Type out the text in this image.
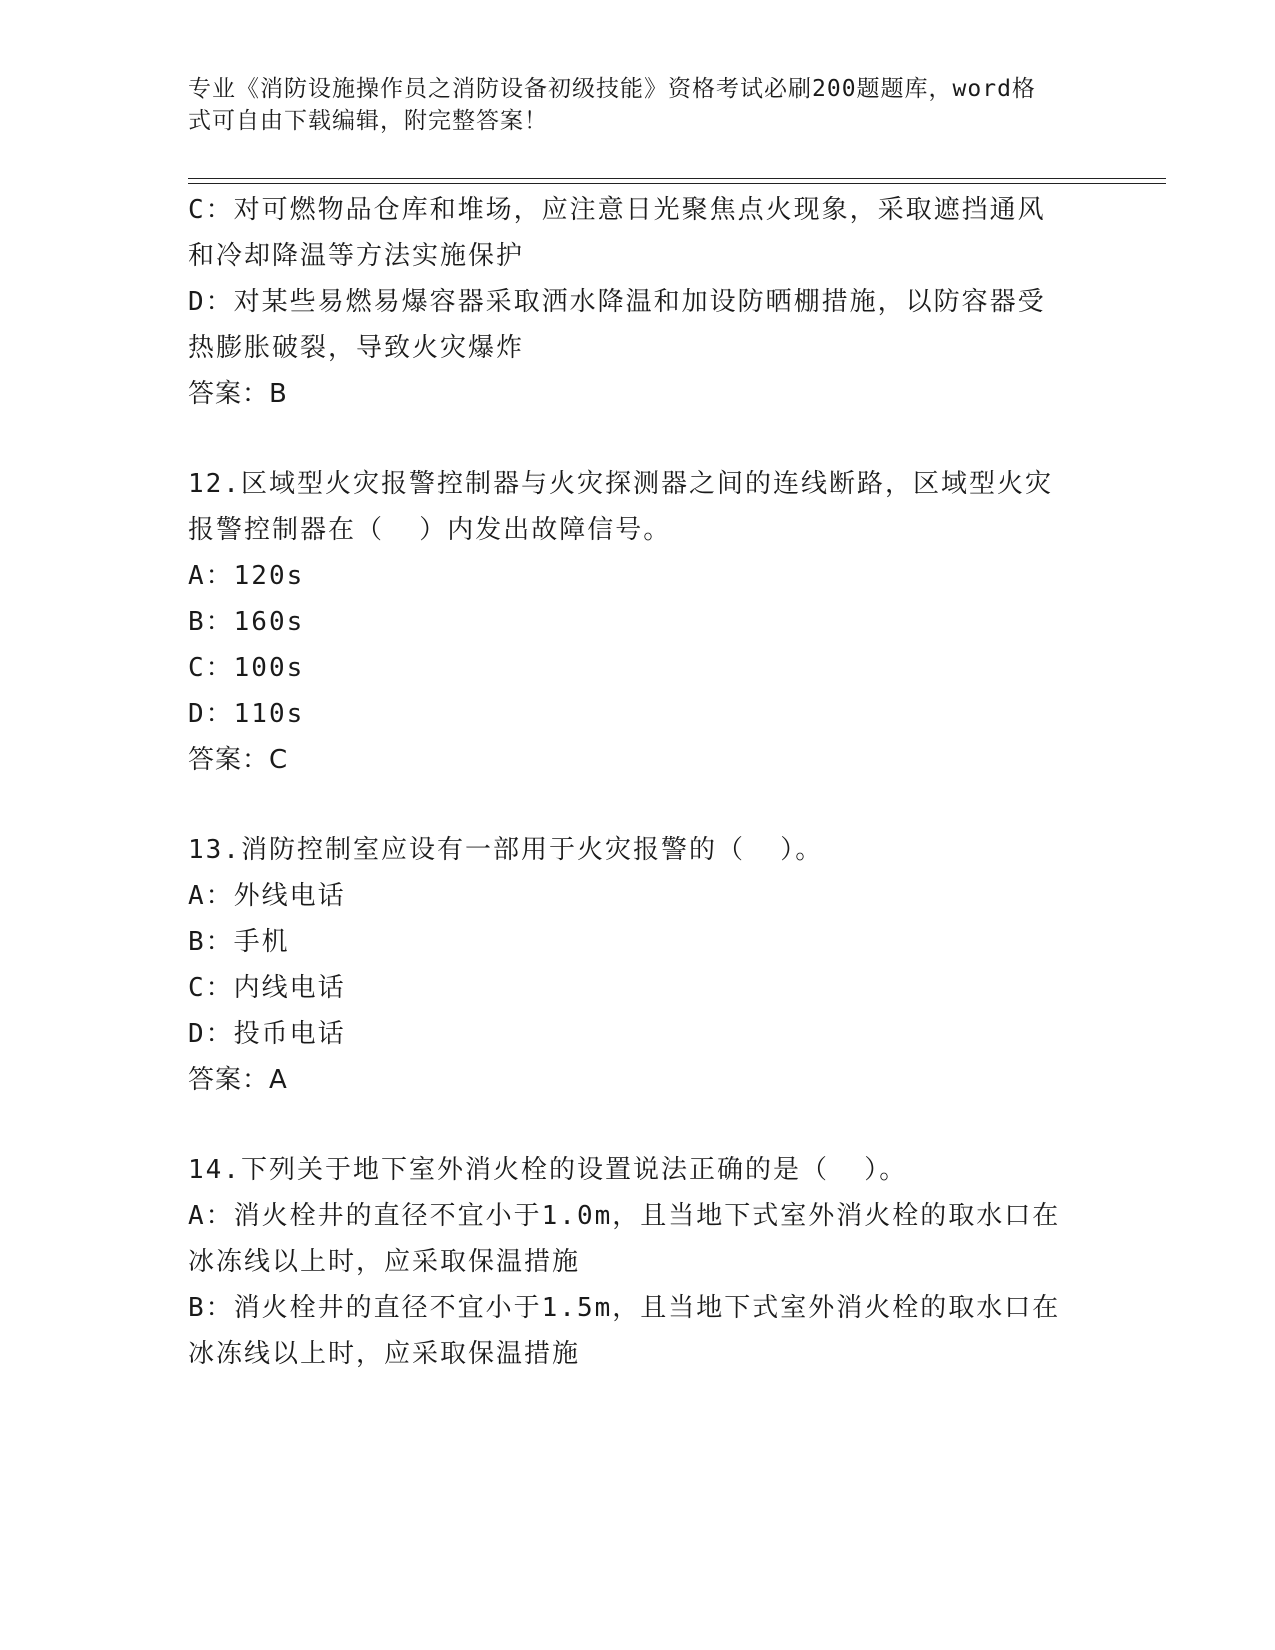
专业《消防设施操作员之消防设备初级技能》资格考试必刷200题题库，word格
式可自由下载编辑，附完整答案！
C：对可燃物品仓库和堆场，应注意日光聚焦点火现象，采取遮挡通风
和冷却降温等方法实施保护
D：对某些易燃易爆容器采取洒水降温和加设防晒棚措施，以防容器受
热膨胀破裂，导致火灾爆炸
答案：B
12.区域型火灾报警控制器与火灾探测器之间的连线断路，区域型火灾
报警控制器在（  ）内发出故障信号。
A：120s
B：160s
C：100s
D：110s
答案：C
13.消防控制室应设有一部用于火灾报警的（  ）。
A：外线电话
B：手机
C：内线电话
D：投币电话
答案：A
14.下列关于地下室外消火栓的设置说法正确的是（  ）。
A：消火栓井的直径不宜小于1.0m，且当地下式室外消火栓的取水口在
冰冻线以上时，应采取保温措施
B：消火栓井的直径不宜小于1.5m，且当地下式室外消火栓的取水口在
冰冻线以上时，应采取保温措施
